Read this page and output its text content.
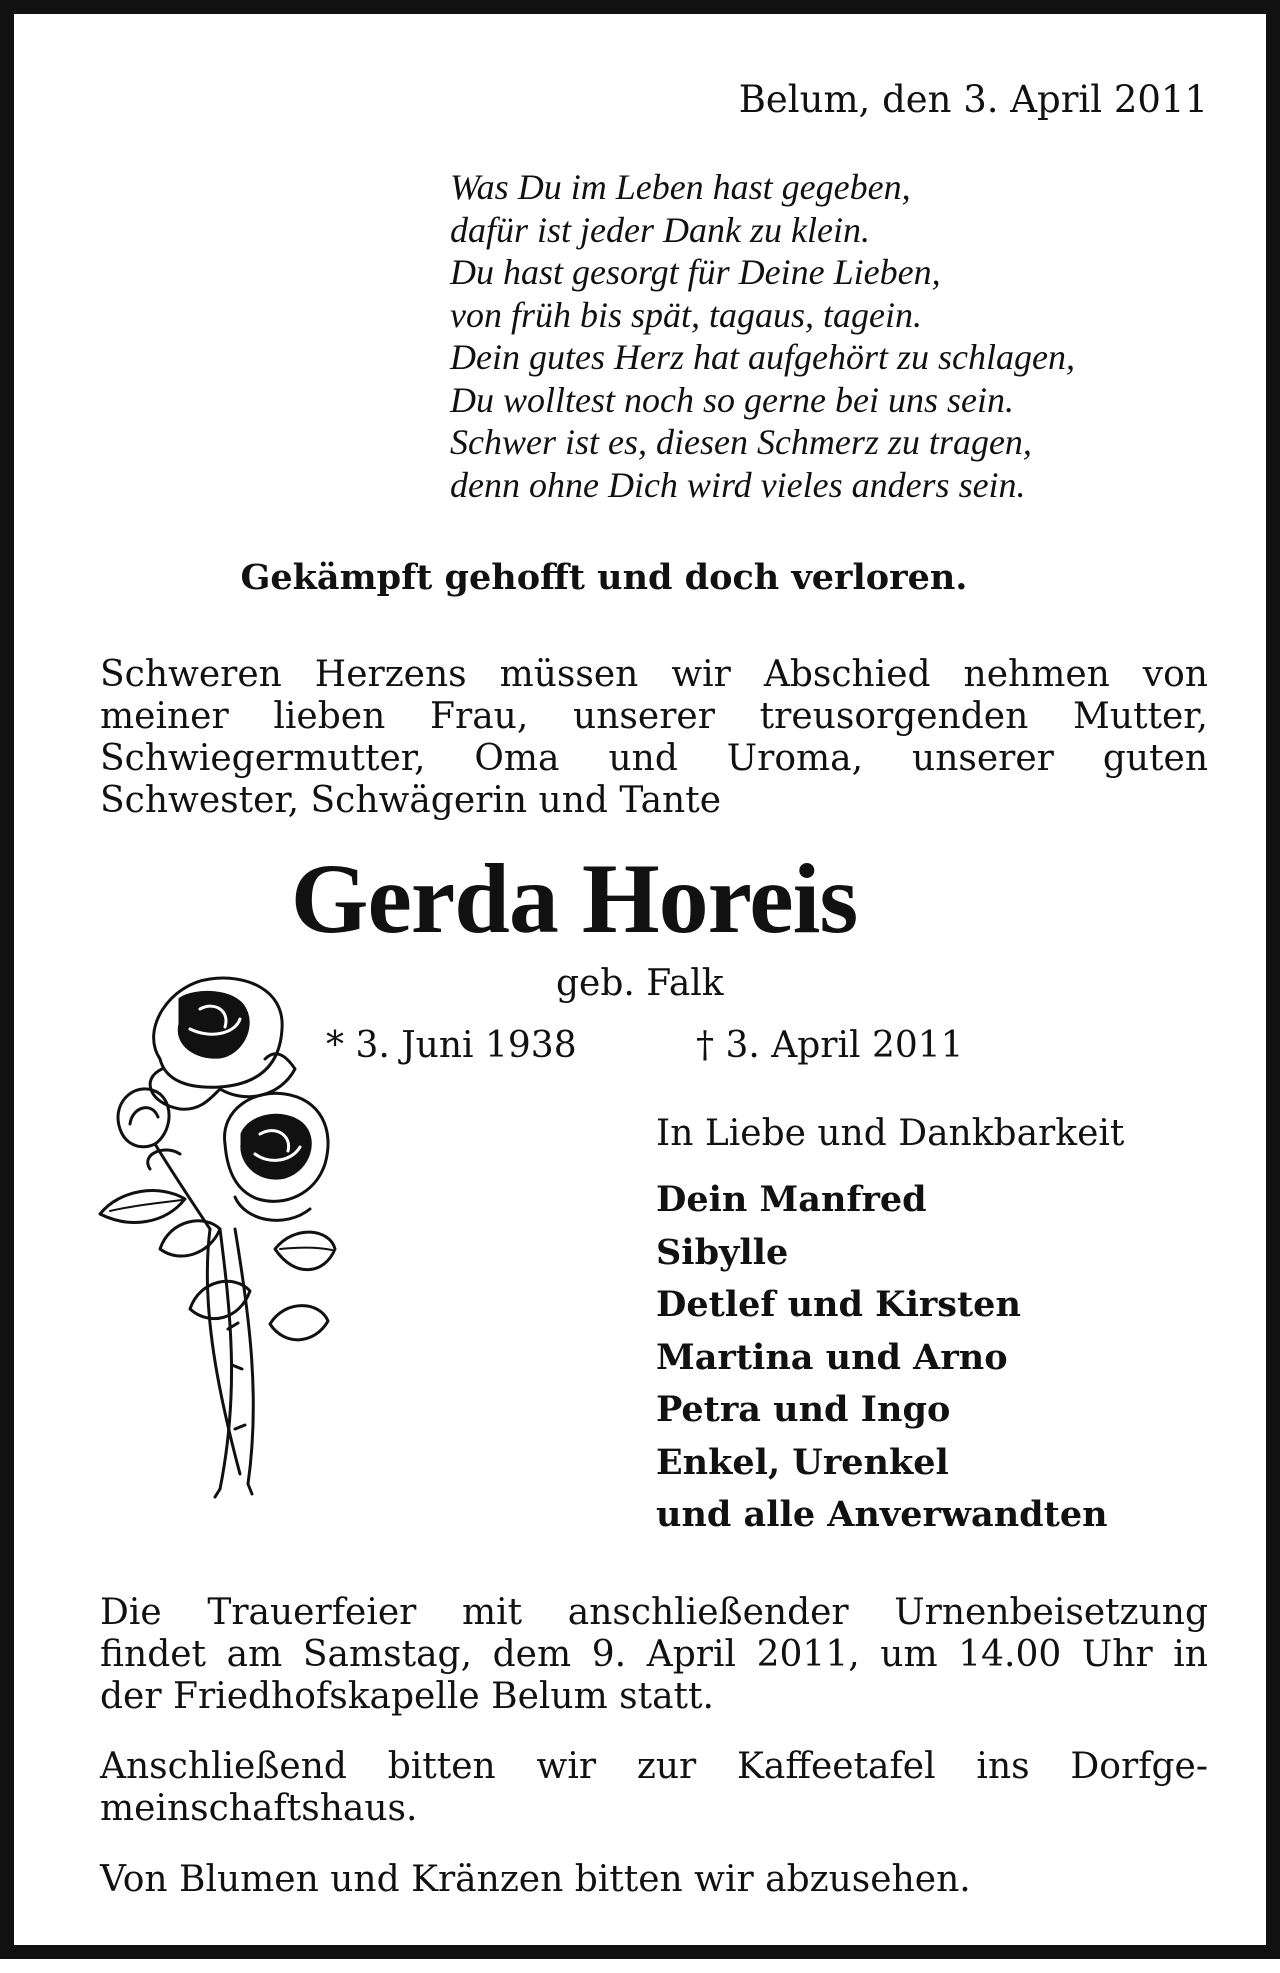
Belum, den 3. April 2011
Was Du im Leben hast gegeben,
dafür ist jeder Dank zu klein.
Du hast gesorgt für Deine Lieben,
von früh bis spät, tagaus, tagein.
Dein gutes Herz hat aufgehört zu schlagen,
Du wolltest noch so gerne bei uns sein.
Schwer ist es, diesen Schmerz zu tragen,
denn ohne Dich wird vieles anders sein.
Gekämpft gehofft und doch verloren.
Schweren Herzens müssen wir Abschied nehmen von
meiner lieben Frau, unserer treusorgenden Mutter,
Schwiegermutter, Oma und Uroma, unserer guten
Schwester, Schwägerin und Tante
Gerda Horeis
geb. Falk
* 3. Juni 1938	† 3. April 2011
In Liebe und Dankbarkeit
Dein Manfred
Sibylle
Detlef und Kirsten
Martina und Arno
Petra und Ingo
Enkel, Urenkel
und alle Anverwandten
Die Trauerfeier mit anschließender Urnenbeisetzung
findet am Samstag, dem 9. April 2011, um 14.00 Uhr in
der Friedhofskapelle Belum statt.
Anschließend bitten wir zur Kaffeetafel ins Dorfge-
meinschaftshaus.
Von Blumen und Kränzen bitten wir abzusehen.
